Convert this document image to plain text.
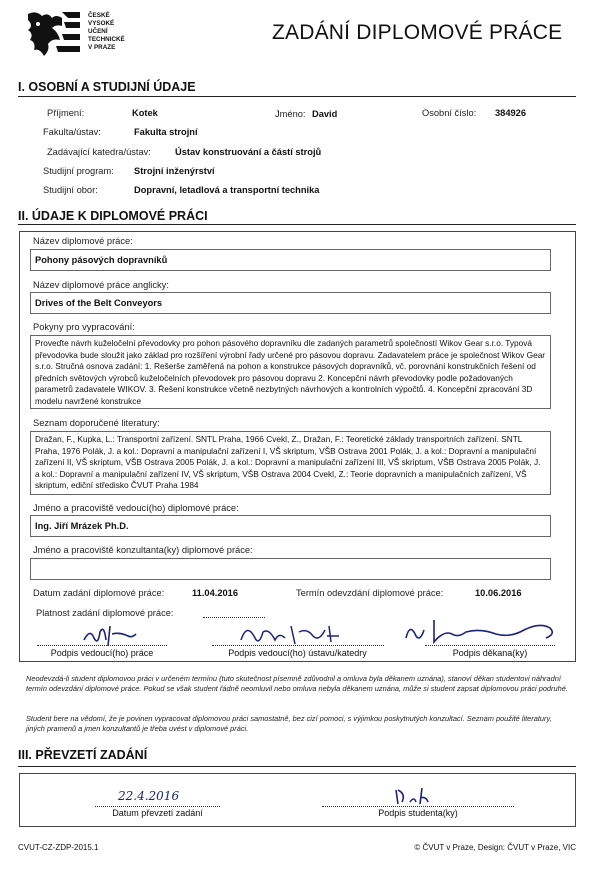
ČESKÉ
VYSOKÉ
UČENÍ
TECHNICKÉ
V PRAZE
ZADÁNÍ DIPLOMOVÉ PRÁCE
I. OSOBNÍ A STUDIJNÍ ÚDAJE
Příjmení:	Kotek	Jméno: David	Osobní číslo: 384926
Fakulta/ústav:	Fakulta strojní
Zadávající katedra/ústav:	Ústav konstruování a částí strojů
Studijní program: Strojní inženýrství
Studijní obor:	Dopravní, letadlová a transportní technika
II. ÚDAJE K DIPLOMOVÉ PRÁCI
Název diplomové práce:
Pohony pásových dopravníků
Název diplomové práce anglicky:
Drives of the Belt Conveyors
Pokyny pro vypracování:
Proveďte návrh kuželočelní převodovky pro pohon pásového dopravníku dle zadaných parametrů společností Wikov Gear s.r.o. Typová převodovka bude sloužit jako základ pro rozšíření výrobní řady určené pro pásovou dopravu. Zadavatelem práce je společnost Wikov Gear s.r.o. Stručná osnova zadání: 1. Rešerše zaměřená na pohon a konstrukce pásových dopravníků, vč. porovnání konstrukčních řešení od předních světových výrobců kuželočelních převodovek pro pásovou dopravu 2. Koncepční návrh převodovky podle požadovaných parametrů zadavatele WIKOV. 3. Řešení konstrukce včetně nezbytných návrhových a kontrolních výpočtů. 4. Koncepční zpracování 3D modelu navržené konstrukce
Seznam doporučené literatury:
Dražan, F., Kupka, L.: Transportní zařízení. SNTL Praha, 1966 Cvekl, Z., Dražan, F.: Teoretické základy transportních zařízení. SNTL Praha, 1976 Polák, J. a kol.: Dopravní a manipulační zařízení I, VŠ skriptum, VŠB Ostrava 2001 Polák, J. a kol.: Dopravní a manipulační zařízení II, VŠ skriptum, VŠB Ostrava 2005 Polák, J. a kol.: Dopravní a manipulační zařízení III, VŠ skriptum, VŠB Ostrava 2005 Polák, J. a kol.: Dopravní a manipulační zařízení IV, VŠ skriptum, VŠB Ostrava 2004 Cvekl, Z.: Teorie dopravních a manipulačních zařízení, VŠ skriptum, ediční středisko ČVUT Praha 1984
Jméno a pracoviště vedoucí(ho) diplomové práce:
Ing. Jiří Mrázek Ph.D.
Jméno a pracoviště konzultanta(ky) diplomové práce:
Datum zadání diplomové práce:	11.04.2016	Termín odevzdání diplomové práce:	10.06.2016
Platnost zadání diplomové práce:
Podpis vedoucí(ho) práce	Podpis vedoucí(ho) ústavu/katedry	Podpis děkana(ky)
Neodevzdá-li student diplomovou práci v určeném termínu (tuto skutečnost písemně zdůvodnil a omluva byla děkanem uznána), stanoví děkan studentovi náhradní termín odevzdání diplomové práce. Pokud se však student řádně neomluvil nebo omluva nebyla děkanem uznána, může si student zapsat diplomovou práci podruhé.
Student bere na vědomí, že je povinen vypracovat diplomovou práci samostatně, bez cizí pomoci, s výjimkou poskytnutých konzultací. Seznam použité literatury, jiných pramenů a jmen konzultantů je třeba uvést v diplomové práci.
III. PŘEVZETÍ ZADÁNÍ
22.4.2016
Datum převzetí zadání	Podpis studenta(ky)
CVUT-CZ-ZDP-2015.1	© ČVUT v Praze, Design: ČVUT v Praze, VIC
